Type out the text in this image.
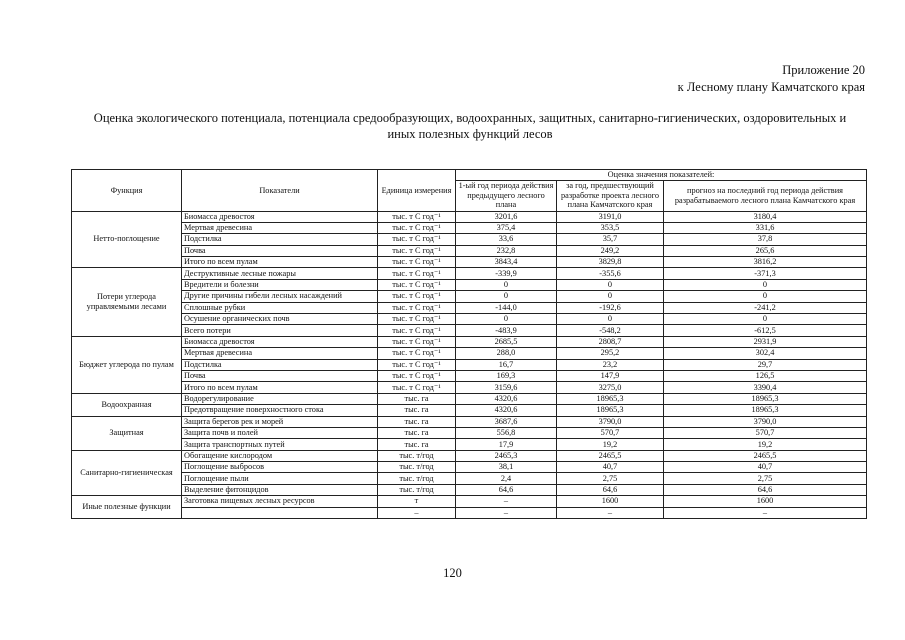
Приложение 20
к Лесному плану Камчатского края
Оценка экологического потенциала, потенциала средообразующих, водоохранных, защитных, санитарно-гигиенических, оздоровительных и
иных полезных функций лесов
Функция	Показатели	Единица измерения	Оценка значения показателей:		
			1-ый год периода действия предыдущего лесного плана	за год, предшествующий разработке проекта лесного плана Камчатского края	прогноз на последний год периода действия разрабатываемого лесного плана Камчатского края
Нетто-поглощение	Биомасса древостоя	тыс. т С год⁻¹	3201,6	3191,0	3180,4
	Мертвая древесина	тыс. т С год⁻¹	375,4	353,5	331,6
	Подстилка	тыс. т С год⁻¹	33,6	35,7	37,8
	Почва	тыс. т С год⁻¹	232,8	249,2	265,6
	Итого по всем пулам	тыс. т С год⁻¹	3843,4	3829,8	3816,2
Потери углерода управляемыми лесами	Деструктивные лесные пожары	тыс. т С год⁻¹	-339,9	-355,6	-371,3
	Вредители и болезни	тыс. т С год⁻¹	0	0	0
	Другие причины гибели лесных насаждений	тыс. т С год⁻¹	0	0	0
	Сплошные рубки	тыс. т С год⁻¹	-144,0	-192,6	-241,2
	Осушение органических почв	тыс. т С год⁻¹	0	0	0
	Всего потери	тыс. т С год⁻¹	-483,9	-548,2	-612,5
Бюджет углерода по пулам	Биомасса древостоя	тыс. т С год⁻¹	2685,5	2808,7	2931,9
	Мертвая древесина	тыс. т С год⁻¹	288,0	295,2	302,4
	Подстилка	тыс. т С год⁻¹	16,7	23,2	29,7
	Почва	тыс. т С год⁻¹	169,3	147,9	126,5
	Итого по всем пулам	тыс. т С год⁻¹	3159,6	3275,0	3390,4
Водоохранная	Водорегулирование	тыс. га	4320,6	18965,3	18965,3
	Предотвращение поверхностного стока	тыс. га	4320,6	18965,3	18965,3
Защитная	Защита берегов рек и морей	тыс. га	3687,6	3790,0	3790,0
	Защита почв и полей	тыс. га	556,8	570,7	570,7
	Защита транспортных путей	тыс. га	17,9	19,2	19,2
Санитарно-гигиеническая	Обогащение кислородом	тыс. т/год	2465,3	2465,5	2465,5
	Поглощение выбросов	тыс. т/год	38,1	40,7	40,7
	Поглощение пыли	тыс. т/год	2,4	2,75	2,75
	Выделение фитонцидов	тыс. т/год	64,6	64,6	64,6
Иные полезные функции	Заготовка пищевых лесных ресурсов	т	–	1600	1600
		–	–	–	–
120
